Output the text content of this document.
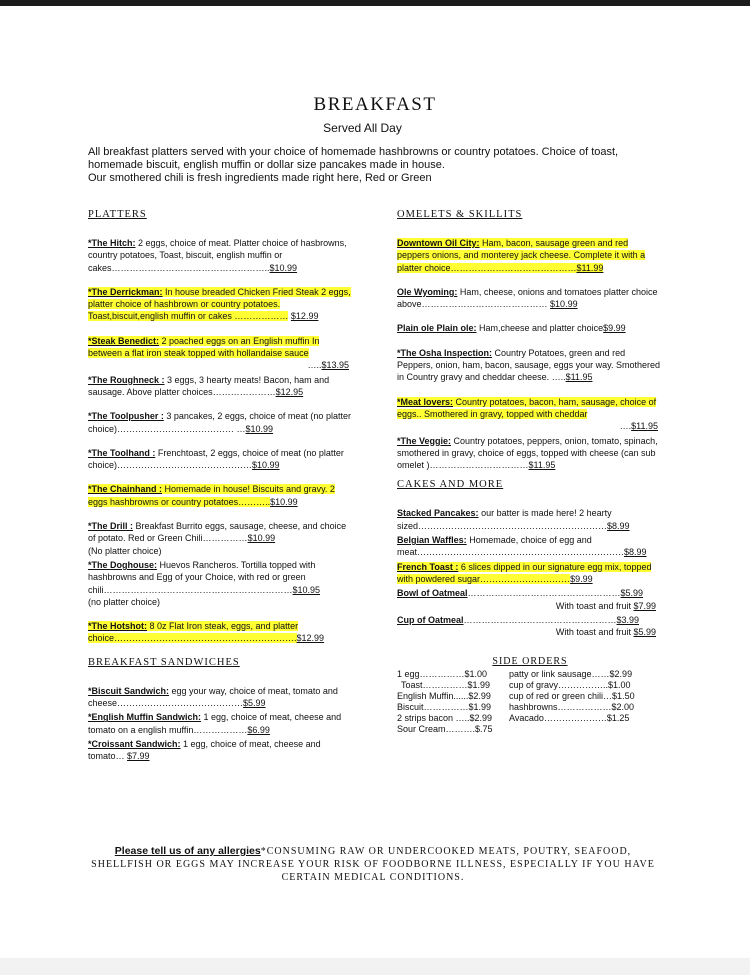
BREAKFAST
Served All Day
All breakfast platters served with your choice of homemade hashbrowns or country potatoes. Choice of toast,
homemade biscuit, english muffin or dollar size pancakes made in house.
Our smothered chili is fresh ingredients made right here, Red or Green
PLATTERS
*The Hitch: 2 eggs, choice of meat. Platter choice of hasbrowns, country potatoes, Toast, biscuit, english muffin or cakes……………………………………………..$10.99
*The Derrickman: In house breaded Chicken Fried Steak 2 eggs, platter choice of hashbrown or country potatoes. Toast,biscuit,english muffin or cakes ……………… $12.99
*Steak Benedict: 2 poached eggs on an English muffin In between a flat iron steak topped with hollandaise sauce
…..$13.95
*The Roughneck : 3 eggs, 3 hearty meats! Bacon, ham and sausage. Above platter choices…………………$12.95
*The Toolpusher : 3 pancakes, 2 eggs, choice of meat (no platter choice)………………………………… …$10.99
*The Toolhand : Frenchtoast, 2 eggs, choice of meat (no platter choice)………………………………………$10.99
*The Chainhand : Homemade in house! Biscuits and gravy. 2 eggs hashbrowns or country potatoes………..$10.99
*The Drill : Breakfast Burrito eggs, sausage, cheese, and choice of potato. Red or Green Chili……………$10.99
(No platter choice)
*The Doghouse: Huevos Rancheros. Tortilla topped with hashbrowns and Egg of your Choice, with red or green chili………………………………………………………$10.95
(no platter choice)
*The Hotshot: 8 0z Flat Iron steak, eggs, and platter choice…………………………………………………….$12.99
BREAKFAST SANDWICHES
*Biscuit Sandwich: egg your way, choice of meat, tomato and cheese……………………………………$5.99
*English Muffin Sandwich: 1 egg, choice of meat, cheese and tomato on a english muffin………………$6.99
*Croissant Sandwich: 1 egg, choice of meat, cheese and tomato… $7.99
OMELETS & SKILLITS
Downtown Oil City: Ham, bacon, sausage green and red peppers onions, and monterey jack cheese. Complete it with a platter choice……………………………………$11.99
Ole Wyoming: Ham, cheese, onions and tomatoes platter choice above…………………………………… $10.99
Plain ole Plain ole: Ham,cheese and platter choice$9.99
*The Osha Inspection: Country Potatoes, green and red Peppers, onion, ham, bacon, sausage, eggs your way. Smothered in Country gravy and cheddar cheese. …..$11.95
*Meat lovers: Country potatoes, bacon, ham, sausage, choice of eggs.. Smothered in gravy, topped with cheddar
….$11.95
*The Veggie: Country potatoes, peppers, onion, tomato, spinach, smothered in gravy, choice of eggs, topped with cheese (can sub omelet )……………………………$11.95
CAKES AND MORE
Stacked Pancakes: our batter is made here! 2 hearty sized………………………………………………………$8.99
Belgian Waffles: Homemade, choice of egg and meat……………………………………………………………$8.99
French Toast : 6 slices dipped in our signature egg mix, topped with powdered sugar…………………………$9.99
Bowl of Oatmeal……………………………………………$5.99
With toast and fruit $7.99
Cup of Oatmeal……………………………………………$3.99
With toast and fruit $5.99
SIDE ORDERS
1 egg……………$1.00
Toast……………$1.99
English Muffin......$2.99
Biscuit……………$1.99
2 strips bacon …..$2.99
Sour Cream……….$.75
patty or link sausage……$2.99
cup of gravy……………..$1.00
cup of red or green chili…$1.50
hashbrowns………………$2.00
Avacado…………………$1.25
Please tell us of any allergies*CONSUMING RAW OR UNDERCOOKED MEATS, POUTRY, SEAFOOD, SHELLFISH OR EGGS MAY INCREASE YOUR RISK OF FOODBORNE ILLNESS, ESPECIALLY IF YOU HAVE CERTAIN MEDICAL CONDITIONS.
